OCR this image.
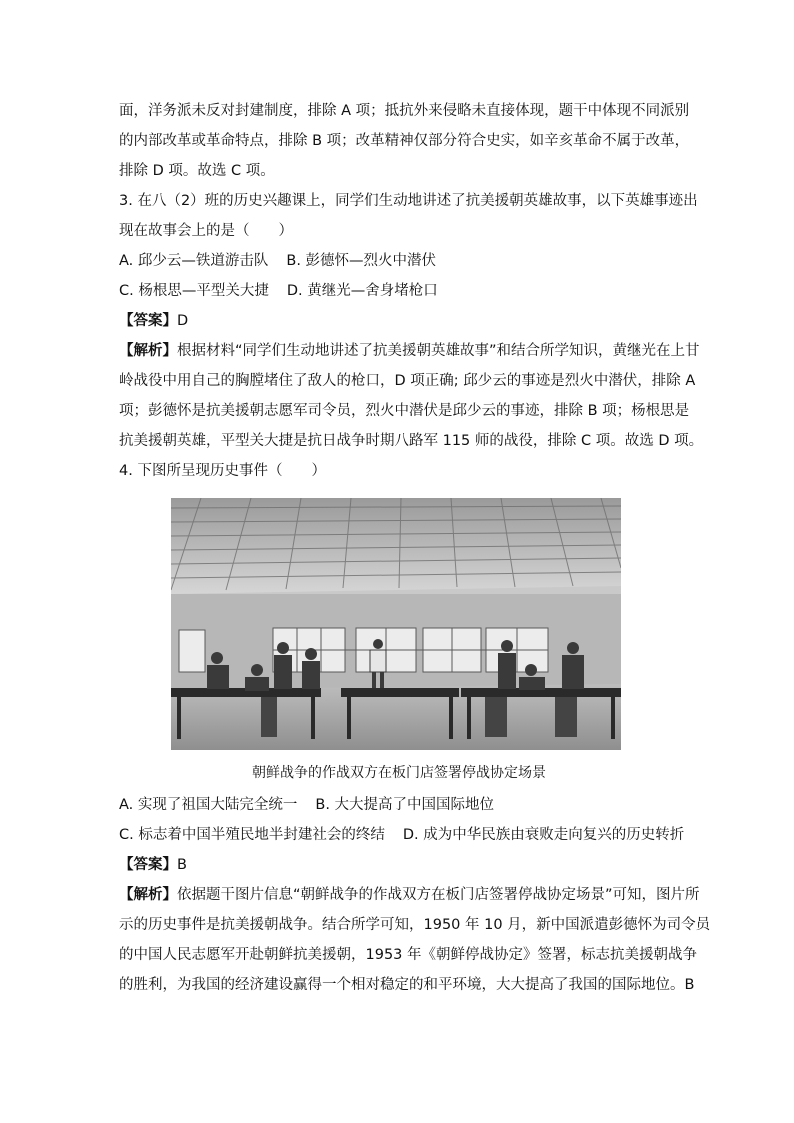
面，洋务派未反对封建制度，排除 A 项；抵抗外来侵略未直接体现，题干中体现不同派别
的内部改革或革命特点，排除 B 项；改革精神仅部分符合史实，如辛亥革命不属于改革，
排除 D 项。故选 C 项。
3. 在八（2）班的历史兴趣课上，同学们生动地讲述了抗美援朝英雄故事，以下英雄事迹出
现在故事会上的是（　　）
A. 邱少云—铁道游击队 B. 彭德怀—烈火中潜伏
C. 杨根思—平型关大捷 D. 黄继光—舍身堵枪口
【答案】D
【解析】根据材料“同学们生动地讲述了抗美援朝英雄故事”和结合所学知识，黄继光在上甘
岭战役中用自己的胸膛堵住了敌人的枪口，D 项正确; 邱少云的事迹是烈火中潜伏，排除 A
项；彭德怀是抗美援朝志愿军司令员，烈火中潜伏是邱少云的事迹，排除 B 项；杨根思是
抗美援朝英雄，平型关大捷是抗日战争时期八路军 115 师的战役，排除 C 项。故选 D 项。
4. 下图所呈现历史事件（　　）
朝鲜战争的作战双方在板门店签署停战协定场景
A. 实现了祖国大陆完全统一 B. 大大提高了中国国际地位
C. 标志着中国半殖民地半封建社会的终结 D. 成为中华民族由衰败走向复兴的历史转折
【答案】B
【解析】依据题干图片信息“朝鲜战争的作战双方在板门店签署停战协定场景”可知，图片所
示的历史事件是抗美援朝战争。结合所学可知，1950 年 10 月，新中国派遣彭德怀为司令员
的中国人民志愿军开赴朝鲜抗美援朝，1953 年《朝鲜停战协定》签署，标志抗美援朝战争
的胜利，为我国的经济建设赢得一个相对稳定的和平环境，大大提高了我国的国际地位。B
